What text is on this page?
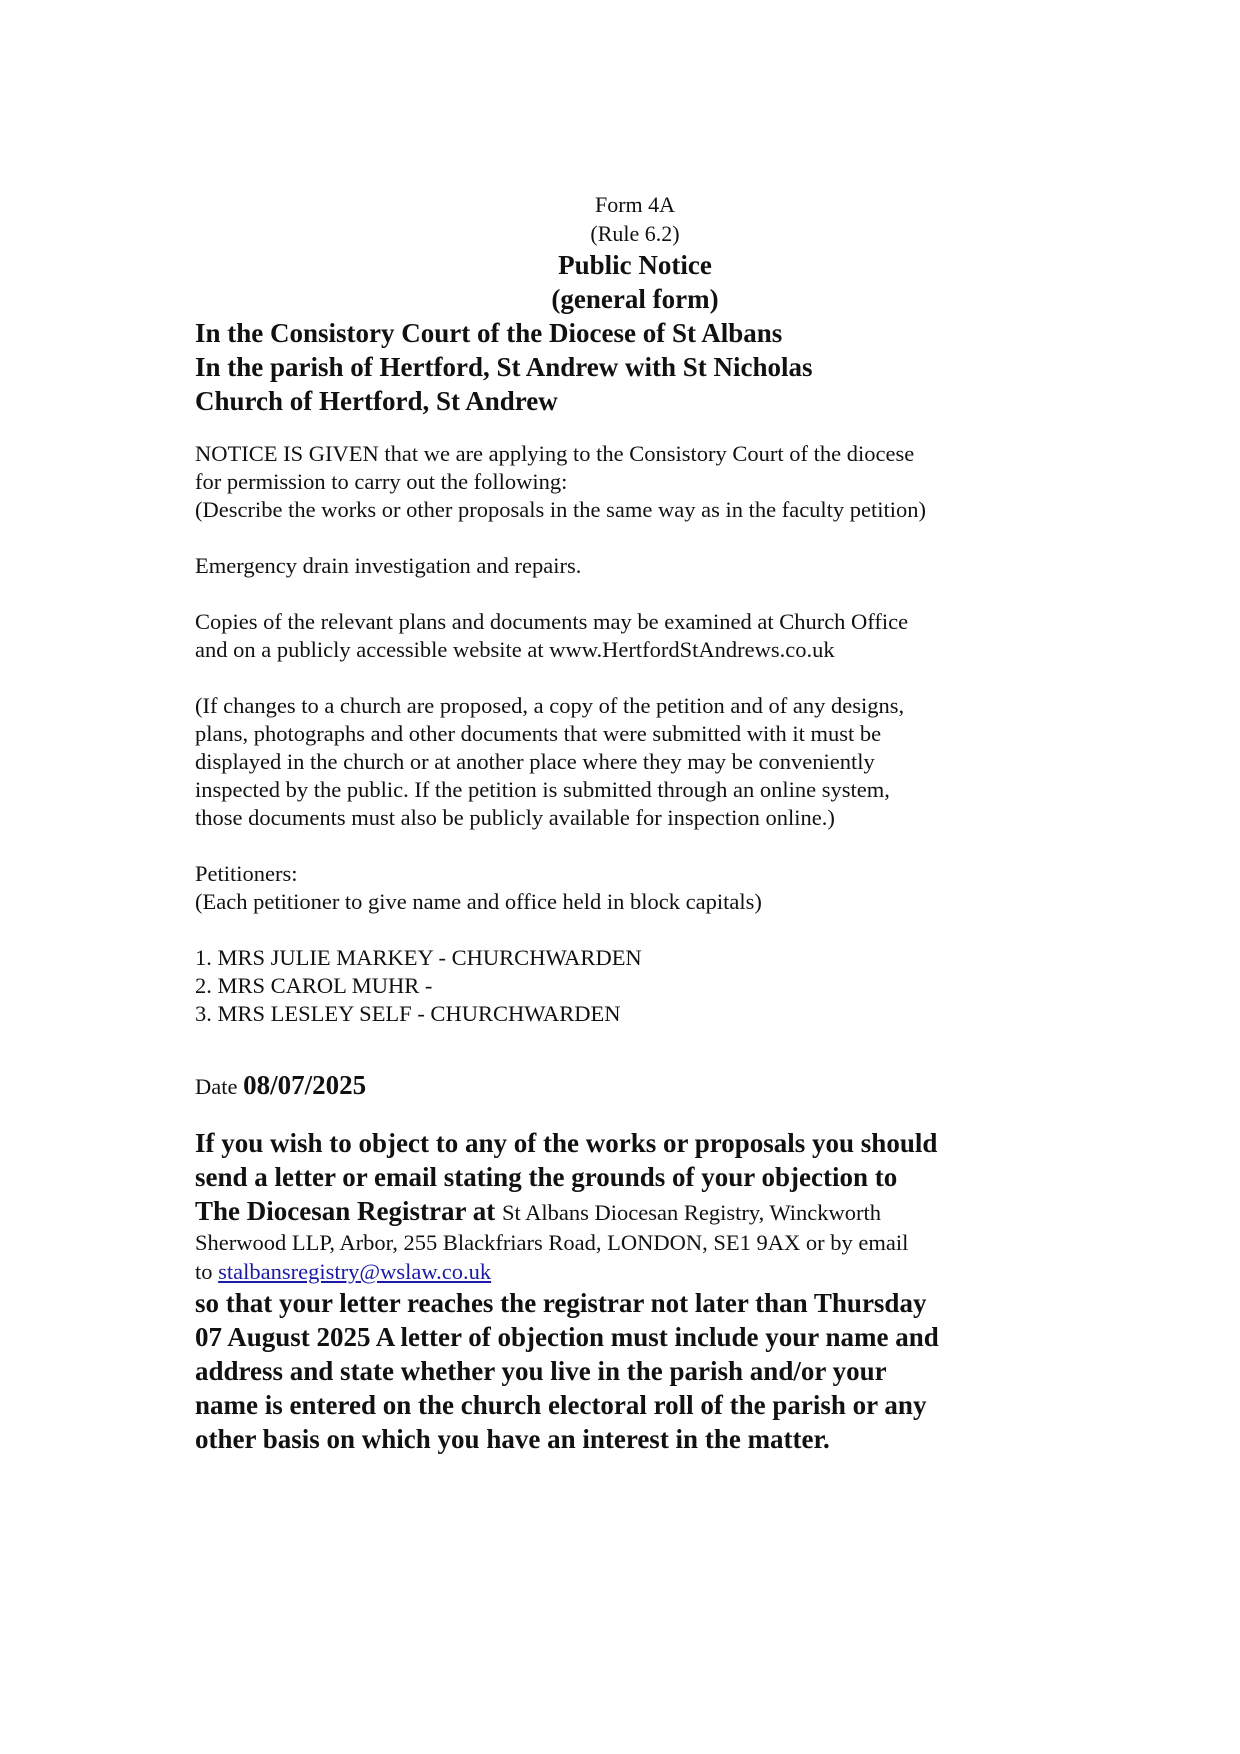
Form 4A
(Rule 6.2)
Public Notice
(general form)
In the Consistory Court of the Diocese of St Albans
In the parish of Hertford, St Andrew with St Nicholas
Church of Hertford, St Andrew
NOTICE IS GIVEN that we are applying to the Consistory Court of the diocese
for permission to carry out the following:
(Describe the works or other proposals in the same way as in the faculty petition)
Emergency drain investigation and repairs.
Copies of the relevant plans and documents may be examined at Church Office
and on a publicly accessible website at www.HertfordStAndrews.co.uk
(If changes to a church are proposed, a copy of the petition and of any designs,
plans, photographs and other documents that were submitted with it must be
displayed in the church or at another place where they may be conveniently
inspected by the public. If the petition is submitted through an online system,
those documents must also be publicly available for inspection online.)
Petitioners:
(Each petitioner to give name and office held in block capitals)
1. MRS JULIE MARKEY - CHURCHWARDEN
2. MRS CAROL MUHR -
3. MRS LESLEY SELF - CHURCHWARDEN
Date 08/07/2025
If you wish to object to any of the works or proposals you should
send a letter or email stating the grounds of your objection to
The Diocesan Registrar at St Albans Diocesan Registry, Winckworth
Sherwood LLP, Arbor, 255 Blackfriars Road, LONDON, SE1 9AX or by email
to stalbansregistry@wslaw.co.uk
so that your letter reaches the registrar not later than Thursday
07 August 2025 A letter of objection must include your name and
address and state whether you live in the parish and/or your
name is entered on the church electoral roll of the parish or any
other basis on which you have an interest in the matter.
